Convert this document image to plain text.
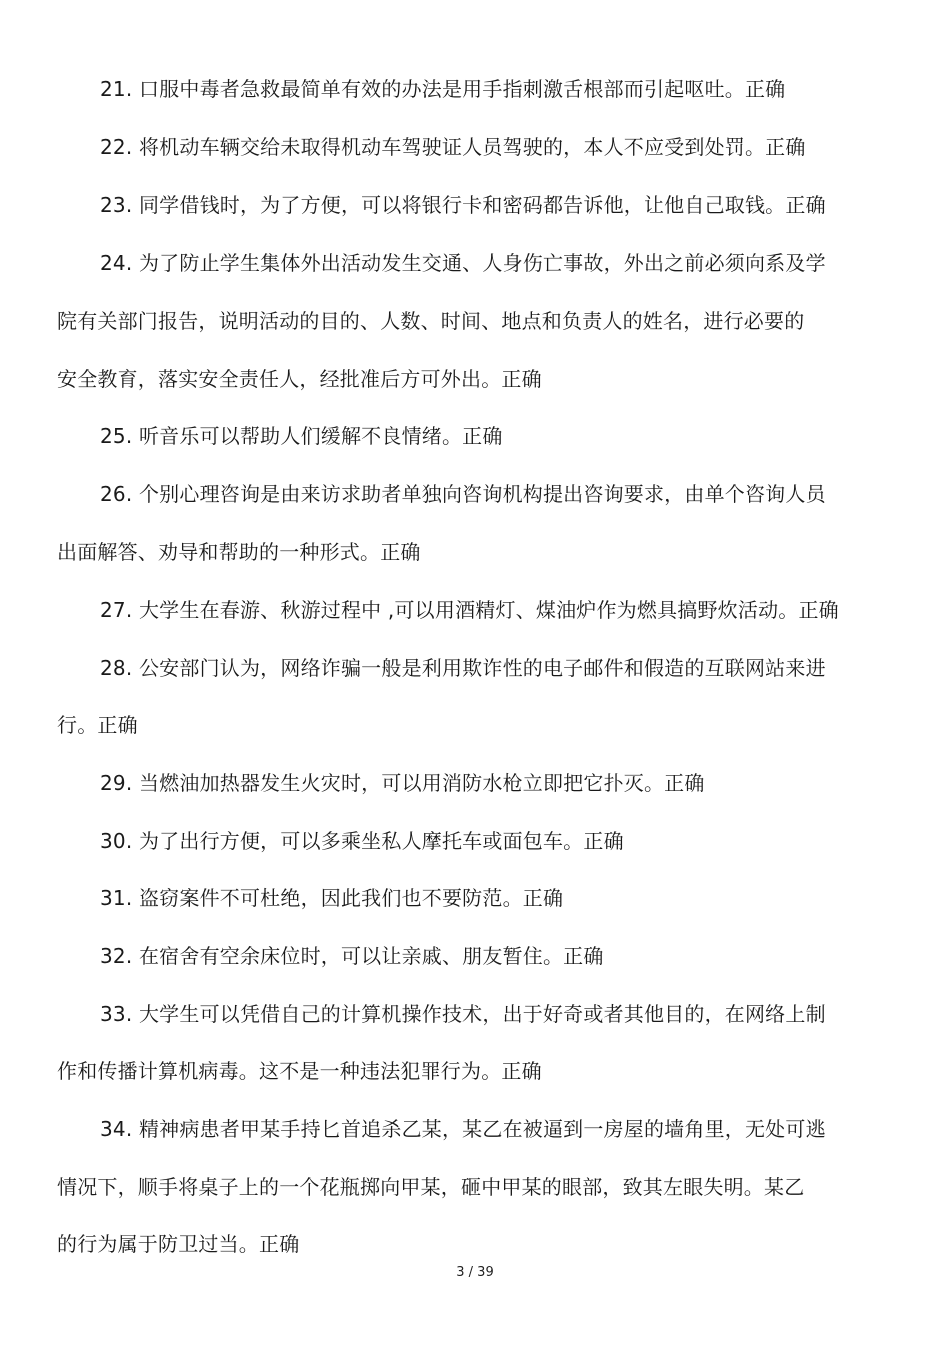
21. 口服中毒者急救最简单有效的办法是用手指刺激舌根部而引起呕吐。正确
22. 将机动车辆交给未取得机动车驾驶证人员驾驶的，本人不应受到处罚。正确
23. 同学借钱时，为了方便，可以将银行卡和密码都告诉他，让他自己取钱。正确
24. 为了防止学生集体外出活动发生交通、人身伤亡事故，外出之前必须向系及学
院有关部门报告，说明活动的目的、人数、时间、地点和负责人的姓名，进行必要的
安全教育，落实安全责任人，经批准后方可外出。正确
25. 听音乐可以帮助人们缓解不良情绪。正确
26. 个别心理咨询是由来访求助者单独向咨询机构提出咨询要求，由单个咨询人员
出面解答、劝导和帮助的一种形式。正确
27. 大学生在春游、秋游过程中 ,可以用酒精灯、煤油炉作为燃具搞野炊活动。正确
28. 公安部门认为，网络诈骗一般是利用欺诈性的电子邮件和假造的互联网站来进
行。正确
29. 当燃油加热器发生火灾时，可以用消防水枪立即把它扑灭。正确
30. 为了出行方便，可以多乘坐私人摩托车或面包车。正确
31. 盗窃案件不可杜绝，因此我们也不要防范。正确
32. 在宿舍有空余床位时，可以让亲戚、朋友暂住。正确
33. 大学生可以凭借自己的计算机操作技术，出于好奇或者其他目的，在网络上制
作和传播计算机病毒。这不是一种违法犯罪行为。正确
34. 精神病患者甲某手持匕首追杀乙某，某乙在被逼到一房屋的墙角里，无处可逃
情况下，顺手将桌子上的一个花瓶掷向甲某，砸中甲某的眼部，致其左眼失明。某乙
的行为属于防卫过当。正确
3 / 39
